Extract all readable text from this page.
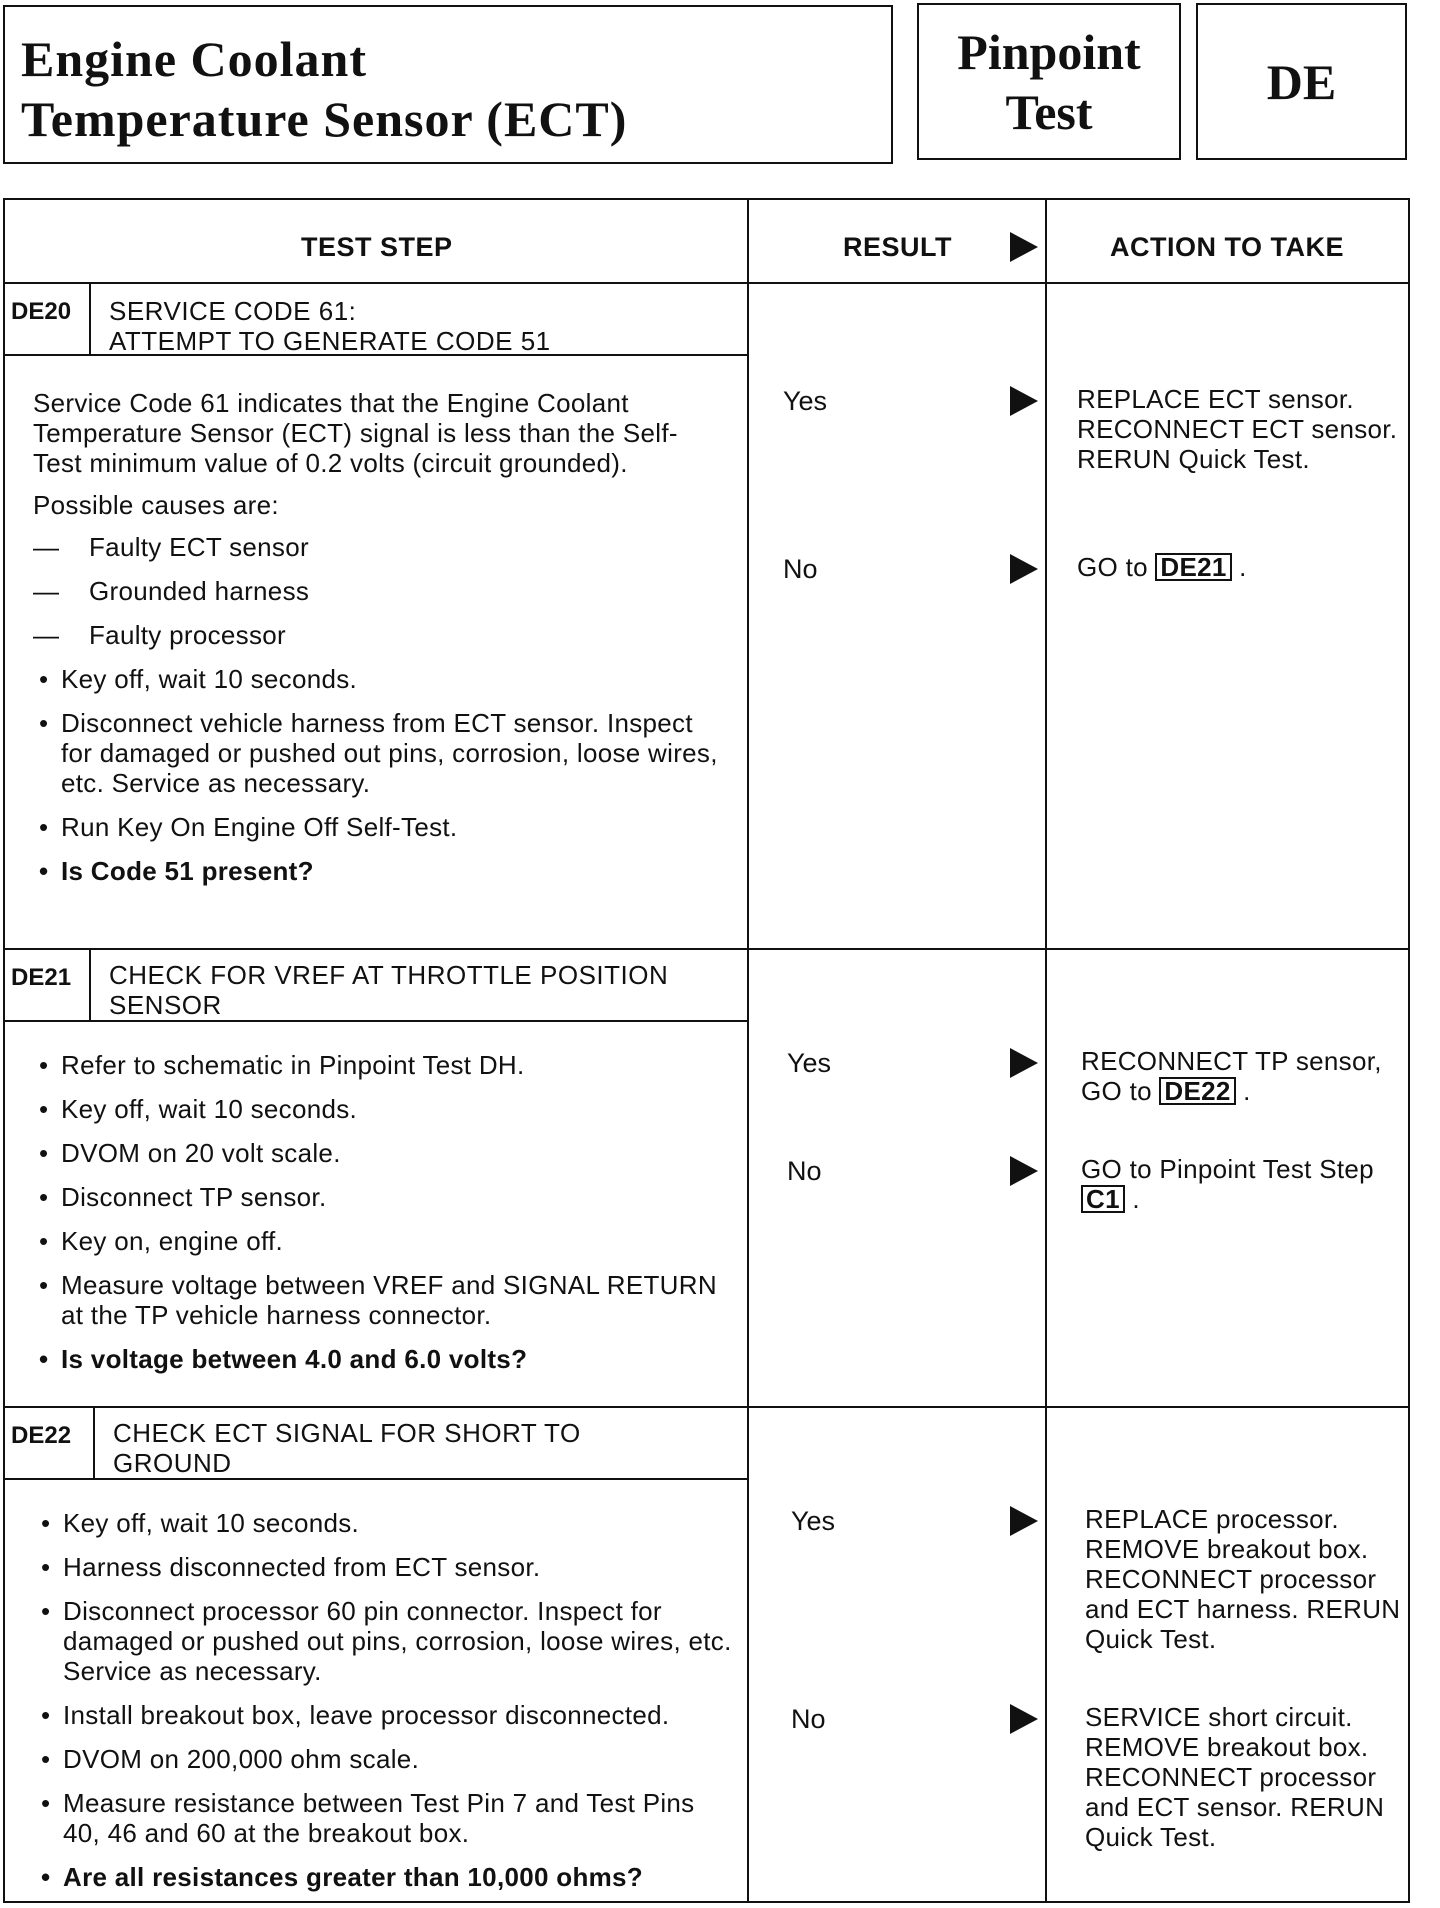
Engine Coolant
Temperature Sensor (ECT)
Pinpoint
Test
DE
TEST STEP	RESULT	ACTION TO TAKE
DE20	SERVICE CODE 61:
ATTEMPT TO GENERATE CODE 51
Service Code 61 indicates that the Engine Coolant Temperature Sensor (ECT) signal is less than the Self-Test minimum value of 0.2 volts (circuit grounded).
Possible causes are:
— Faulty ECT sensor
— Grounded harness
— Faulty processor
• Key off, wait 10 seconds.
• Disconnect vehicle harness from ECT sensor. Inspect for damaged or pushed out pins, corrosion, loose wires, etc. Service as necessary.
• Run Key On Engine Off Self-Test.
• Is Code 51 present?
Yes	REPLACE ECT sensor. RECONNECT ECT sensor. RERUN Quick Test.
No	GO to DE21 .
DE21	CHECK FOR VREF AT THROTTLE POSITION
SENSOR
• Refer to schematic in Pinpoint Test DH.
• Key off, wait 10 seconds.
• DVOM on 20 volt scale.
• Disconnect TP sensor.
• Key on, engine off.
• Measure voltage between VREF and SIGNAL RETURN at the TP vehicle harness connector.
• Is voltage between 4.0 and 6.0 volts?
Yes	RECONNECT TP sensor, GO to DE22 .
No	GO to Pinpoint Test Step C1 .
DE22	CHECK ECT SIGNAL FOR SHORT TO
GROUND
• Key off, wait 10 seconds.
• Harness disconnected from ECT sensor.
• Disconnect processor 60 pin connector. Inspect for damaged or pushed out pins, corrosion, loose wires, etc. Service as necessary.
• Install breakout box, leave processor disconnected.
• DVOM on 200,000 ohm scale.
• Measure resistance between Test Pin 7 and Test Pins 40, 46 and 60 at the breakout box.
• Are all resistances greater than 10,000 ohms?
Yes	REPLACE processor. REMOVE breakout box. RECONNECT processor and ECT harness. RERUN Quick Test.
No	SERVICE short circuit. REMOVE breakout box. RECONNECT processor and ECT sensor. RERUN Quick Test.
